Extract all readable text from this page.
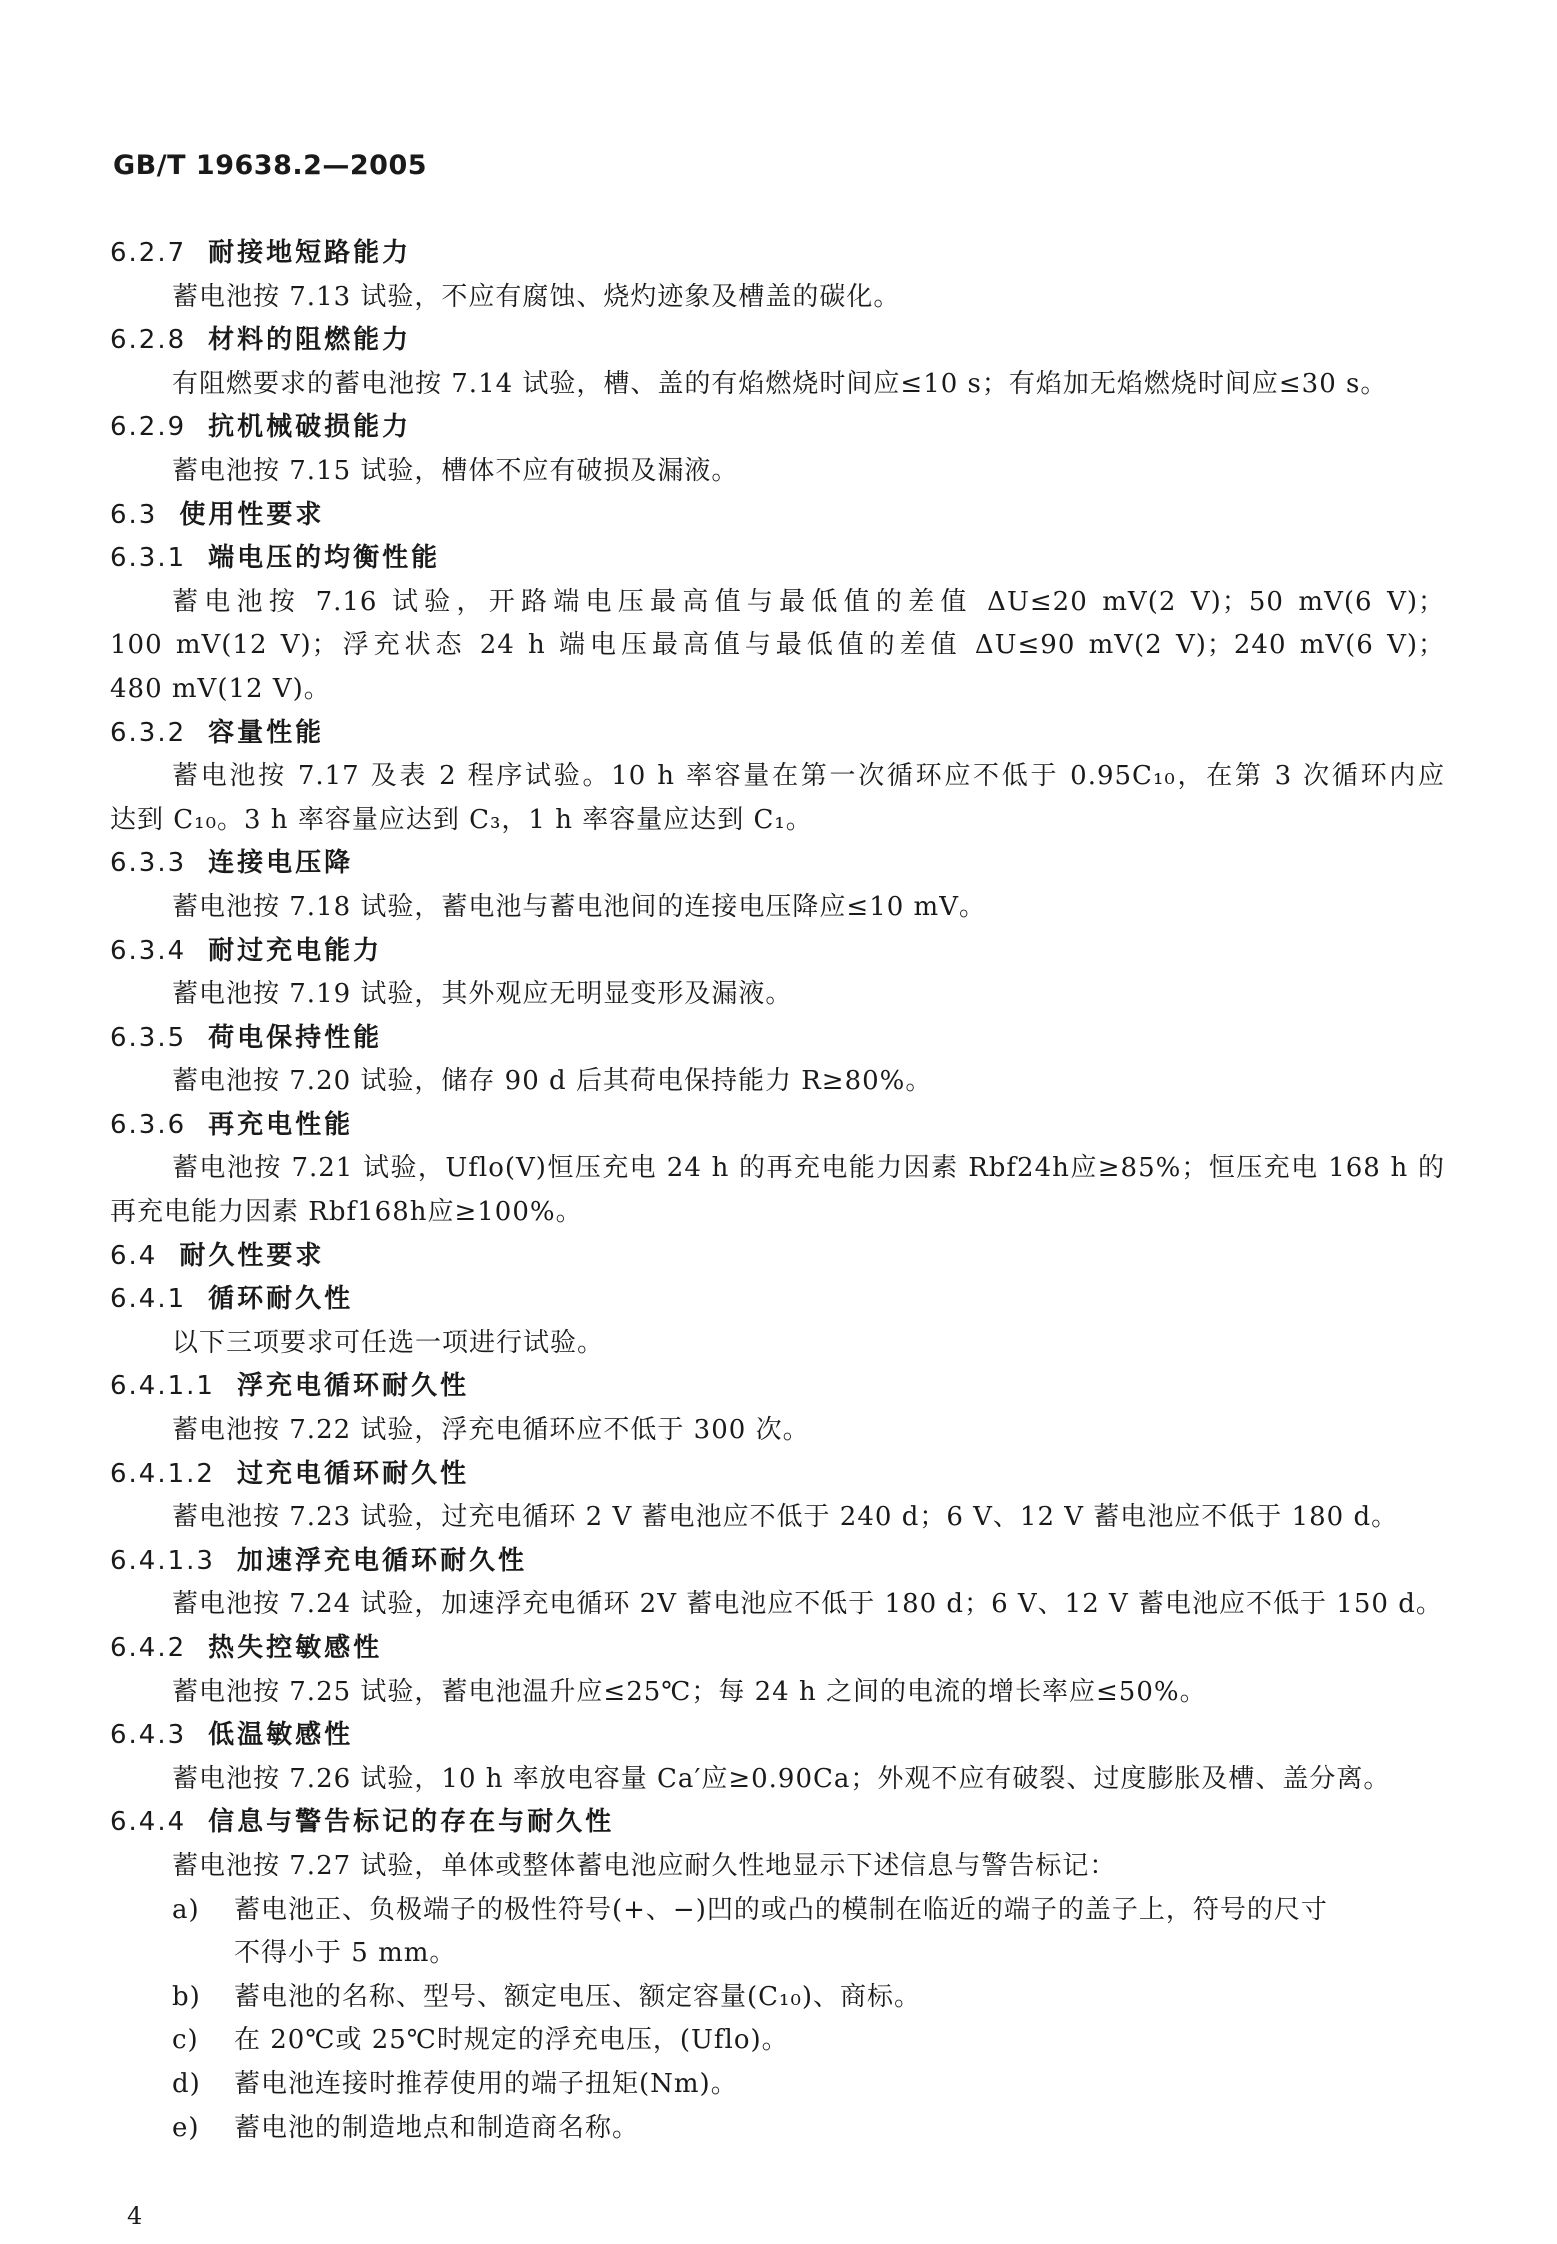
GB/T 19638.2—2005
6.2.7 耐接地短路能力
蓄电池按 7.13 试验，不应有腐蚀、烧灼迹象及槽盖的碳化。
6.2.8 材料的阻燃能力
有阻燃要求的蓄电池按 7.14 试验，槽、盖的有焰燃烧时间应≤10 s；有焰加无焰燃烧时间应≤30 s。
6.2.9 抗机械破损能力
蓄电池按 7.15 试验，槽体不应有破损及漏液。
6.3 使用性要求
6.3.1 端电压的均衡性能
蓄电池按 7.16 试验，开路端电压最高值与最低值的差值 ΔU≤20 mV(2 V)；50 mV(6 V)；
100 mV(12 V)；浮充状态 24 h 端电压最高值与最低值的差值 ΔU≤90 mV(2 V)；240 mV(6 V)；
480 mV(12 V)。
6.3.2 容量性能
蓄电池按 7.17 及表 2 程序试验。10 h 率容量在第一次循环应不低于 0.95C₁₀，在第 3 次循环内应
达到 C₁₀。3 h 率容量应达到 C₃，1 h 率容量应达到 C₁。
6.3.3 连接电压降
蓄电池按 7.18 试验，蓄电池与蓄电池间的连接电压降应≤10 mV。
6.3.4 耐过充电能力
蓄电池按 7.19 试验，其外观应无明显变形及漏液。
6.3.5 荷电保持性能
蓄电池按 7.20 试验，储存 90 d 后其荷电保持能力 R≥80%。
6.3.6 再充电性能
蓄电池按 7.21 试验，Uflo(V)恒压充电 24 h 的再充电能力因素 Rbf24h应≥85%；恒压充电 168 h 的
再充电能力因素 Rbf168h应≥100%。
6.4 耐久性要求
6.4.1 循环耐久性
以下三项要求可任选一项进行试验。
6.4.1.1 浮充电循环耐久性
蓄电池按 7.22 试验，浮充电循环应不低于 300 次。
6.4.1.2 过充电循环耐久性
蓄电池按 7.23 试验，过充电循环 2 V 蓄电池应不低于 240 d；6 V、12 V 蓄电池应不低于 180 d。
6.4.1.3 加速浮充电循环耐久性
蓄电池按 7.24 试验，加速浮充电循环 2V 蓄电池应不低于 180 d；6 V、12 V 蓄电池应不低于 150 d。
6.4.2 热失控敏感性
蓄电池按 7.25 试验，蓄电池温升应≤25℃；每 24 h 之间的电流的增长率应≤50%。
6.4.3 低温敏感性
蓄电池按 7.26 试验，10 h 率放电容量 Ca′应≥0.90Ca；外观不应有破裂、过度膨胀及槽、盖分离。
6.4.4 信息与警告标记的存在与耐久性
蓄电池按 7.27 试验，单体或整体蓄电池应耐久性地显示下述信息与警告标记：
a) 蓄电池正、负极端子的极性符号(+、−)凹的或凸的模制在临近的端子的盖子上，符号的尺寸
不得小于 5 mm。
b) 蓄电池的名称、型号、额定电压、额定容量(C₁₀)、商标。
c) 在 20℃或 25℃时规定的浮充电压，(Uflo)。
d) 蓄电池连接时推荐使用的端子扭矩(Nm)。
e) 蓄电池的制造地点和制造商名称。
4
